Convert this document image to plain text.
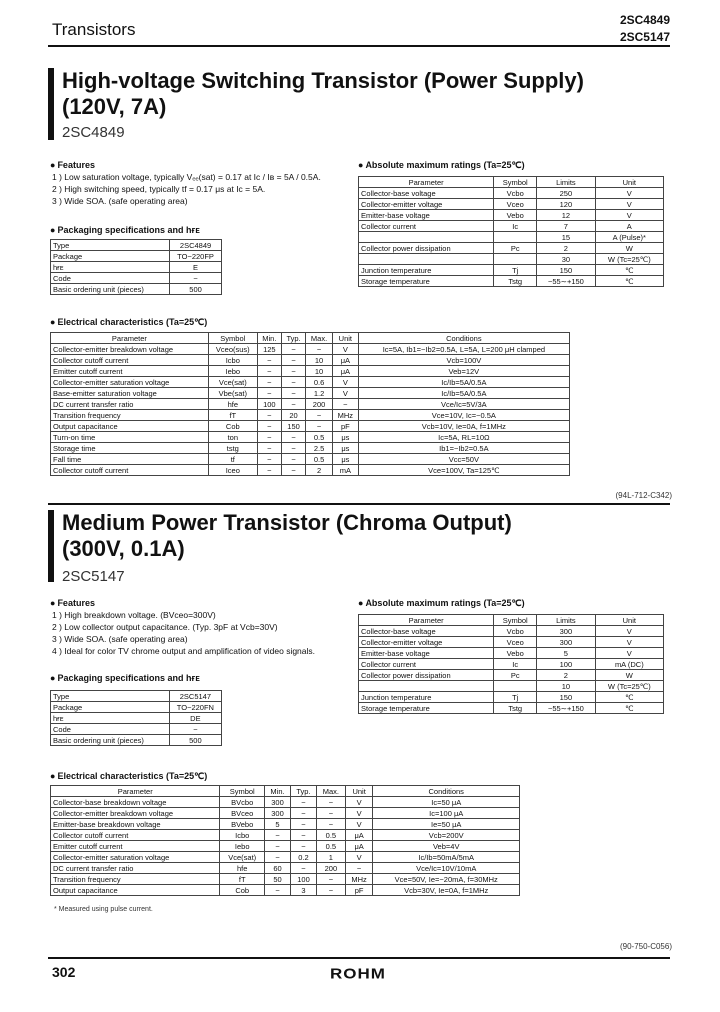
Transistors	2SC4849
2SC5147
High-voltage Switching Transistor (Power Supply)
(120V, 7A)
2SC4849
● Features
1 ) Low saturation voltage, typically Vₑₑ(sat) = 0.17 at Ic / Iʙ = 5A / 0.5A.
2 ) High switching speed, typically tf = 0.17 μs at Ic = 5A.
3 ) Wide SOA. (safe operating area)
● Packaging specifications and hғᴇ
Type	2SC4849
Package	TO−220FP
hғᴇ	E
Code	−
Basic ordering unit (pieces)	500
● Absolute maximum ratings (Ta=25℃)
Parameter	Symbol	Limits	Unit
Collector-base voltage	Vcbo	250	V
Collector-emitter voltage	Vceo	120	V
Emitter-base voltage	Vebo	12	V
Collector current	Ic	7	A
		15	A (Pulse)*
Collector power dissipation	Pc	2	W
		30	W (Tc=25℃)
Junction temperature	Tj	150	℃
Storage temperature	Tstg	−55∼+150	℃
● Electrical characteristics (Ta=25℃)
Parameter	Symbol	Min.	Typ.	Max.	Unit	Conditions
Collector-emitter breakdown voltage	Vceo(sus)	125	−	−	V	Ic=5A, Ib1=−Ib2=0.5A, L=5A, L=200 μH clamped
Collector cutoff current	Icbo	−	−	10	μA	Vcb=100V
Emitter cutoff current	Iebo	−	−	10	μA	Veb=12V
Collector-emitter saturation voltage	Vce(sat)	−	−	0.6	V	Ic/Ib=5A/0.5A
Base-emitter saturation voltage	Vbe(sat)	−	−	1.2	V	Ic/Ib=5A/0.5A
DC current transfer ratio	hfe	100	−	200	−	Vce/Ic=5V/3A
Transition frequency	fT	−	20	−	MHz	Vce=10V, Ic=−0.5A
Output capacitance	Cob	−	150	−	pF	Vcb=10V, Ie=0A, f=1MHz
Turn-on time	ton	−	−	0.5	μs	Ic=5A, RL=10Ω
Storage time	tstg	−	−	2.5	μs	Ib1=−Ib2=0.5A
Fall time	tf	−	−	0.5	μs	Vcc=50V
Collector cutoff current	Iceo	−	−	2	mA	Vce=100V, Ta=125℃
(94L-712-C342)
Medium Power Transistor (Chroma Output)
(300V, 0.1A)
2SC5147
● Features
1 ) High breakdown voltage. (BVceo=300V)
2 ) Low collector output capacitance. (Typ. 3pF at Vcb=30V)
3 ) Wide SOA. (safe operating area)
4 ) Ideal for color TV chrome output and amplification of video signals.
● Packaging specifications and hғᴇ
Type	2SC5147
Package	TO−220FN
hғᴇ	DE
Code	−
Basic ordering unit (pieces)	500
● Absolute maximum ratings (Ta=25℃)
Parameter	Symbol	Limits	Unit
Collector-base voltage	Vcbo	300	V
Collector-emitter voltage	Vceo	300	V
Emitter-base voltage	Vebo	5	V
Collector current	Ic	100	mA (DC)
Collector power dissipation	Pc	2	W
		10	W (Tc=25℃)
Junction temperature	Tj	150	℃
Storage temperature	Tstg	−55∼+150	℃
● Electrical characteristics (Ta=25℃)
Parameter	Symbol	Min.	Typ.	Max.	Unit	Conditions
Collector-base breakdown voltage	BVcbo	300	−	−	V	Ic=50 μA
Collector-emitter breakdown voltage	BVceo	300	−	−	V	Ic=100 μA
Emitter-base breakdown voltage	BVebo	5	−	−	V	Ie=50 μA
Collector cutoff current	Icbo	−	−	0.5	μA	Vcb=200V
Emitter cutoff current	Iebo	−	−	0.5	μA	Veb=4V
Collector-emitter saturation voltage	Vce(sat)	−	0.2	1	V	Ic/Ib=50mA/5mA
DC current transfer ratio	hfe	60	−	200	−	Vce/Ic=10V/10mA
Transition frequency	fT	50	100	−	MHz	Vce=50V, Ie=−20mA, f=30MHz
Output capacitance	Cob	−	3	−	pF	Vcb=30V, Ie=0A, f=1MHz
* Measured using pulse current.
(90-750-C056)
302	ROHM
